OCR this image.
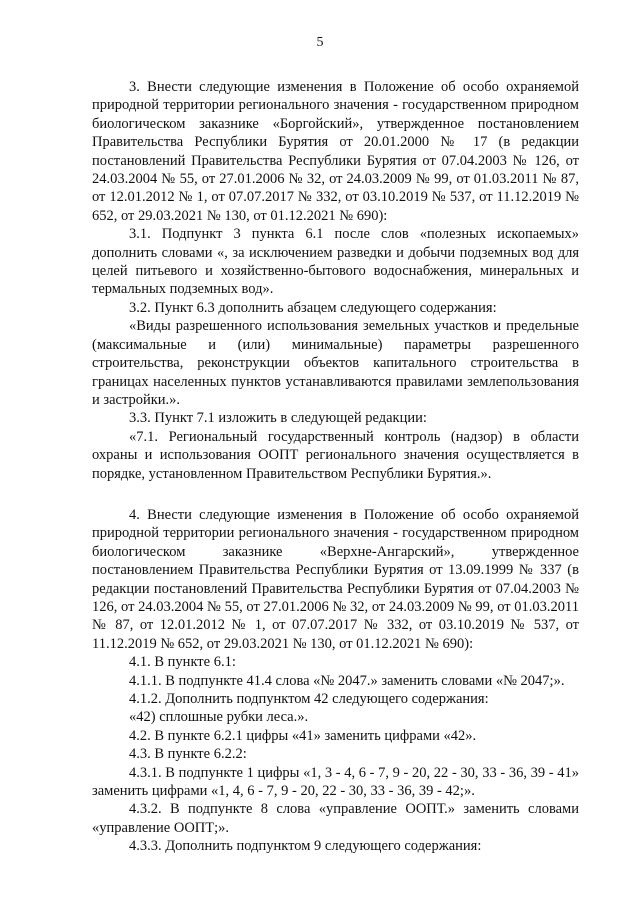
5

3. Внести следующие изменения в Положение об особо охраняемой природной территории регионального значения - государственном природном биологическом заказнике «Боргойский», утвержденное постановлением Правительства Республики Бурятия от 20.01.2000 № 17 (в редакции постановлений Правительства Республики Бурятия от 07.04.2003 № 126, от 24.03.2004 № 55, от 27.01.2006 № 32, от 24.03.2009 № 99, от 01.03.2011 № 87, от 12.01.2012 № 1, от 07.07.2017 № 332, от 03.10.2019 № 537, от 11.12.2019 № 652, от 29.03.2021 № 130, от 01.12.2021 № 690):

3.1. Подпункт 3 пункта 6.1 после слов «полезных ископаемых» дополнить словами «, за исключением разведки и добычи подземных вод для целей питьевого и хозяйственно-бытового водоснабжения, минеральных и термальных подземных вод».

3.2. Пункт 6.3 дополнить абзацем следующего содержания:

«Виды разрешенного использования земельных участков и предельные (максимальные и (или) минимальные) параметры разрешенного строительства, реконструкции объектов капитального строительства в границах населенных пунктов устанавливаются правилами землепользования и застройки.».

3.3. Пункт 7.1 изложить в следующей редакции:

«7.1. Региональный государственный контроль (надзор) в области охраны и использования ООПТ регионального значения осуществляется в порядке, установленном Правительством Республики Бурятия.».

4. Внести следующие изменения в Положение об особо охраняемой природной территории регионального значения - государственном природном биологическом заказнике «Верхне-Ангарский», утвержденное постановлением Правительства Республики Бурятия от 13.09.1999 № 337 (в редакции постановлений Правительства Республики Бурятия от 07.04.2003 № 126, от 24.03.2004 № 55, от 27.01.2006 № 32, от 24.03.2009 № 99, от 01.03.2011 № 87, от 12.01.2012 № 1, от 07.07.2017 № 332, от 03.10.2019 № 537, от 11.12.2019 № 652, от 29.03.2021 № 130, от 01.12.2021 № 690):

4.1. В пункте 6.1:

4.1.1. В подпункте 41.4 слова «№ 2047.» заменить словами «№ 2047;».

4.1.2. Дополнить подпунктом 42 следующего содержания:

«42) сплошные рубки леса.».

4.2. В пункте 6.2.1 цифры «41» заменить цифрами «42».

4.3. В пункте 6.2.2:

4.3.1. В подпункте 1 цифры «1, 3 - 4, 6 - 7, 9 - 20, 22 - 30, 33 - 36, 39 - 41» заменить цифрами «1, 4, 6 - 7, 9 - 20, 22 - 30, 33 - 36, 39 - 42;».

4.3.2. В подпункте 8 слова «управление ООПТ.» заменить словами «управление ООПТ;».

4.3.3. Дополнить подпунктом 9 следующего содержания:
